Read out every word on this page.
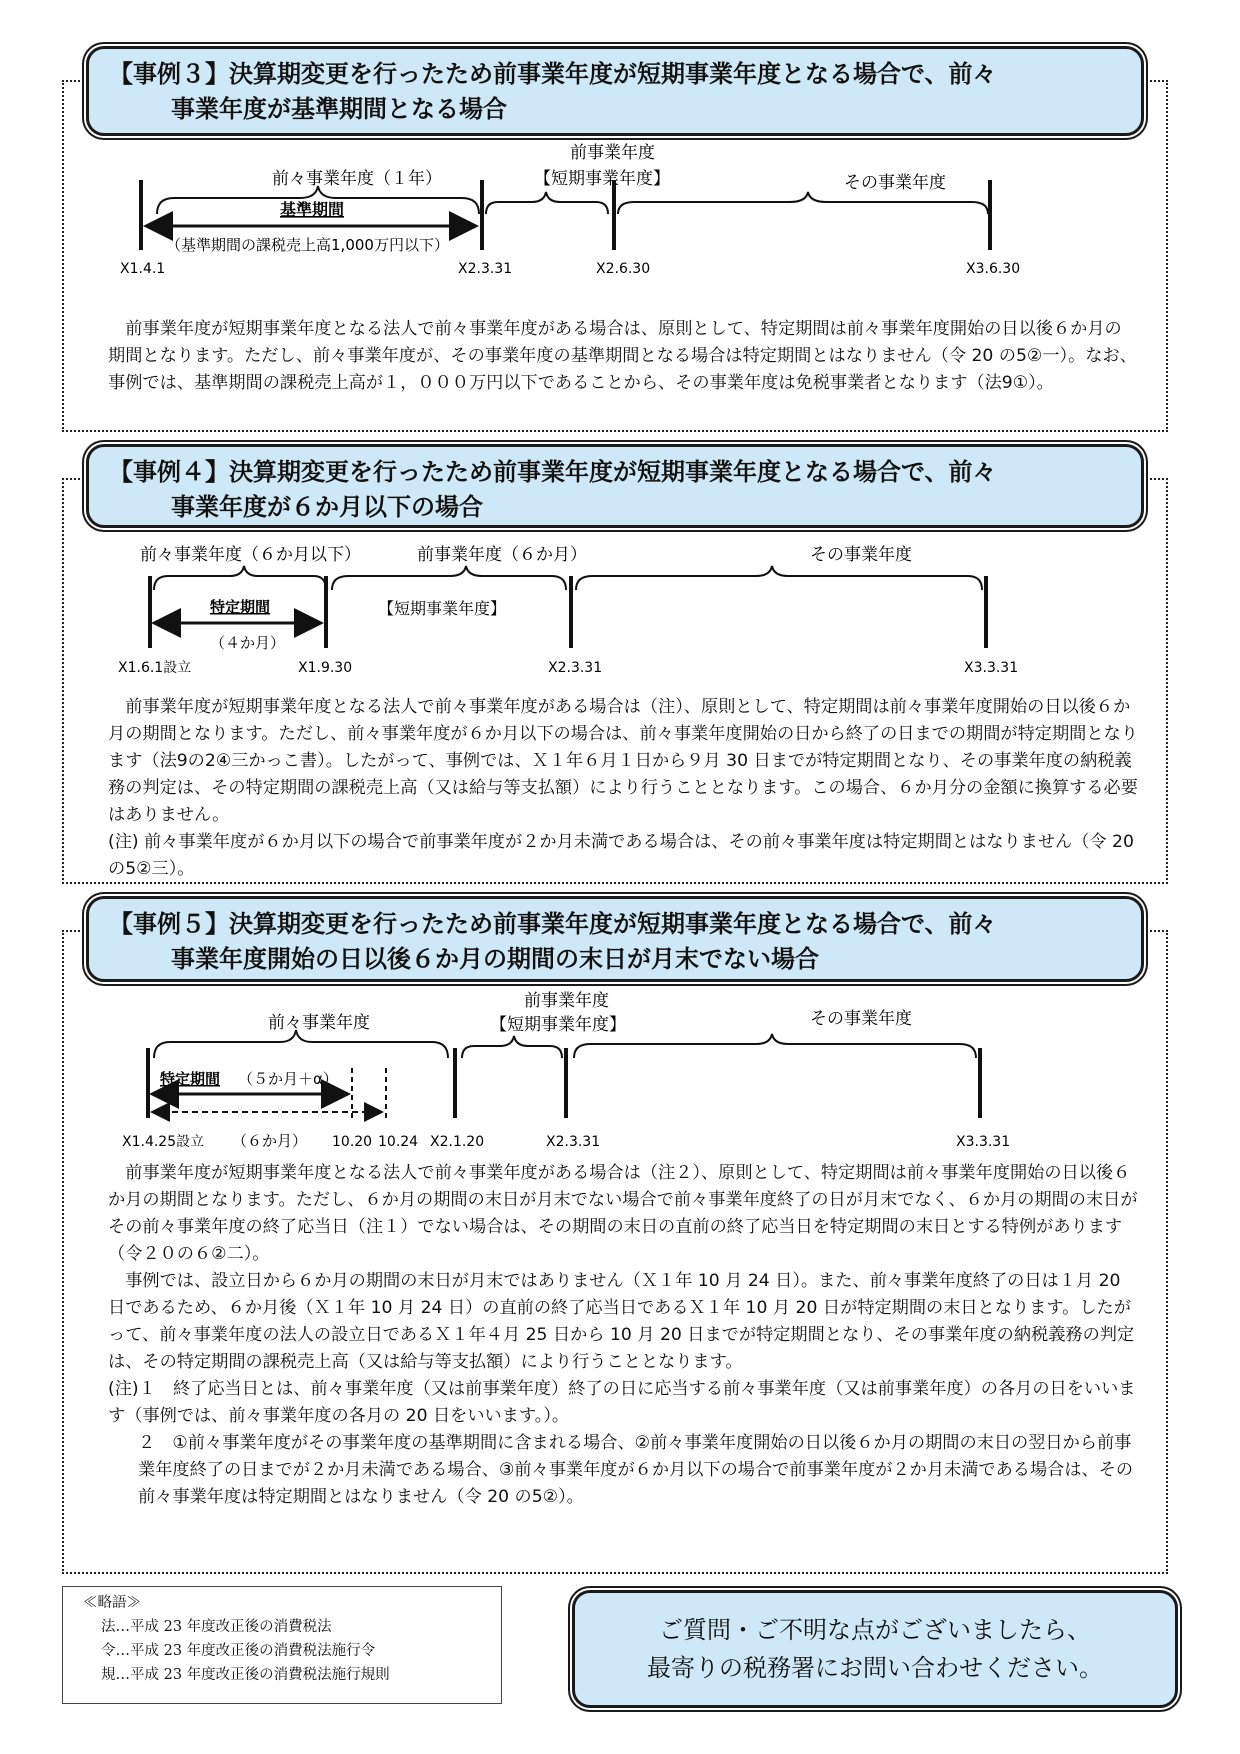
【事例３】決算期変更を行ったため前事業年度が短期事業年度となる場合で、前々
事業年度が基準期間となる場合
前々事業年度（１年）
前事業年度
【短期事業年度】	その事業年度
基準期間
（基準期間の課税売上高1,000万円以下）
X1.4.1	X2.3.31	X2.6.30	X3.6.30

前事業年度が短期事業年度となる法人で前々事業年度がある場合は、原則として、特定期間は前々事業年度開始の日以後６か月の期間となります。ただし、前々事業年度が、その事業年度の基準期間となる場合は特定期間とはなりません（令 20 の5②一）。なお、事例では、基準期間の課税売上高が１，０００万円以下であることから、その事業年度は免税事業者となります（法9①）。

【事例４】決算期変更を行ったため前事業年度が短期事業年度となる場合で、前々
事業年度が６か月以下の場合
前々事業年度（６か月以下）	前事業年度（６か月）	その事業年度
特定期間
（４か月）
【短期事業年度】
X1.6.1設立	X1.9.30	X2.3.31	X3.3.31

前事業年度が短期事業年度となる法人で前々事業年度がある場合は（注）、原則として、特定期間は前々事業年度開始の日以後６か月の期間となります。ただし、前々事業年度が６か月以下の場合は、前々事業年度開始の日から終了の日までの期間が特定期間となります（法9の2④三かっこ書）。したがって、事例では、Ｘ１年６月１日から９月 30 日までが特定期間となり、その事業年度の納税義務の判定は、その特定期間の課税売上高（又は給与等支払額）により行うこととなります。この場合、６か月分の金額に換算する必要はありません。

(注) 前々事業年度が６か月以下の場合で前事業年度が２か月未満である場合は、その前々事業年度は特定期間とはなりません（令 20 の5②三）。

【事例５】決算期変更を行ったため前事業年度が短期事業年度となる場合で、前々
事業年度開始の日以後６か月の期間の末日が月末でない場合
前々事業年度
前事業年度
【短期事業年度】	その事業年度
特定期間 （５か月＋α）
X1.4.25設立 （６か月） 10.20 10.24 X2.1.20	X2.3.31	X3.3.31

前事業年度が短期事業年度となる法人で前々事業年度がある場合は（注２）、原則として、特定期間は前々事業年度開始の日以後６か月の期間となります。ただし、６か月の期間の末日が月末でない場合で前々事業年度終了の日が月末でなく、６か月の期間の末日がその前々事業年度の終了応当日（注１）でない場合は、その期間の末日の直前の終了応当日を特定期間の末日とする特例があります（令２０の６②二）。

事例では、設立日から６か月の期間の末日が月末ではありません（Ｘ１年 10 月 24 日）。また、前々事業年度終了の日は１月 20 日であるため、６か月後（Ｘ１年 10 月 24 日）の直前の終了応当日であるＸ１年 10 月 20 日が特定期間の末日となります。したがって、前々事業年度の法人の設立日であるＸ１年４月 25 日から 10 月 20 日までが特定期間となり、その事業年度の納税義務の判定は、その特定期間の課税売上高（又は給与等支払額）により行うこととなります。

(注)１　終了応当日とは、前々事業年度（又は前事業年度）終了の日に応当する前々事業年度（又は前事業年度）の各月の日をいいます（事例では、前々事業年度の各月の 20 日をいいます。）。

２　①前々事業年度がその事業年度の基準期間に含まれる場合、②前々事業年度開始の日以後６か月の期間の末日の翌日から前事業年度終了の日までが２か月未満である場合、③前々事業年度が６か月以下の場合で前事業年度が２か月未満である場合は、その前々事業年度は特定期間とはなりません（令 20 の5②）。

≪略語≫
法…平成 23 年度改正後の消費税法
令…平成 23 年度改正後の消費税法施行令
規…平成 23 年度改正後の消費税法施行規則
ご質問・ご不明な点がございましたら、
最寄りの税務署にお問い合わせください。
